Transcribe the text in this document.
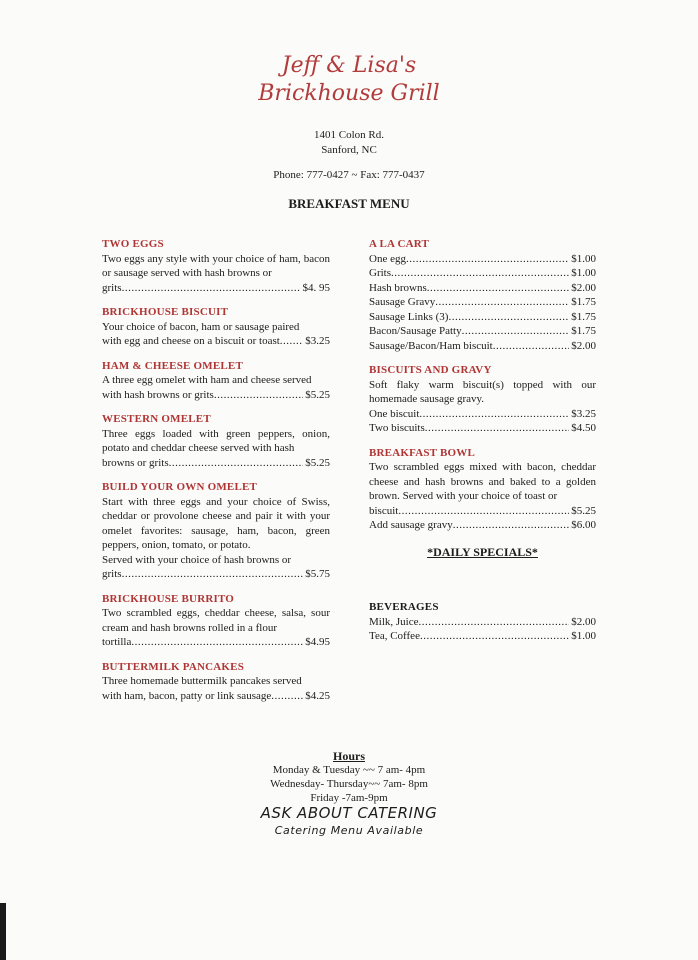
Jeff & Lisa's
Brickhouse Grill
1401 Colon Rd.
Sanford, NC
Phone: 777-0427 ~ Fax: 777-0437
BREAKFAST MENU
TWO EGGS
Two eggs any style with your choice of ham, bacon or sausage served with hash browns or
grits .....	$4. 95
BRICKHOUSE BISCUIT
Your choice of bacon, ham or sausage paired
with egg and cheese on a biscuit or toast ..... $3.25
HAM & CHEESE OMELET
A three egg omelet with ham and cheese served
with hash browns or grits .....	$5.25
WESTERN OMELET
Three eggs loaded with green peppers, onion, potato and cheddar cheese served with hash
browns or grits .....	$5.25
BUILD YOUR OWN OMELET
Start with three eggs and your choice of Swiss, cheddar or provolone cheese and pair it with your omelet favorites: sausage, ham, bacon, green peppers, onion, tomato, or potato.
Served with your choice of hash browns or
grits .....	$5.75
BRICKHOUSE BURRITO
Two scrambled eggs, cheddar cheese, salsa, sour cream and hash browns rolled in a flour
tortilla .....	$4.95
BUTTERMILK PANCAKES
Three homemade buttermilk pancakes served
with ham, bacon, patty or link sausage .....	$4.25
A LA CART
One egg .....	$1.00
Grits .....	$1.00
Hash browns .....	$2.00
Sausage Gravy .....	$1.75
Sausage Links (3) .....	$1.75
Bacon/Sausage Patty .....	$1.75
Sausage/Bacon/Ham biscuit .....	$2.00
BISCUITS AND GRAVY
Soft flaky warm biscuit(s) topped with our homemade sausage gravy.
One biscuit .....	$3.25
Two biscuits .....	$4.50
BREAKFAST BOWL
Two scrambled eggs mixed with bacon, cheddar cheese and hash browns and baked to a golden brown. Served with your choice of toast or
biscuit .....	$5.25
Add sausage gravy .....	$6.00
*DAILY SPECIALS*
BEVERAGES
Milk, Juice .....	$2.00
Tea, Coffee .....	$1.00
Hours
Monday & Tuesday ~~ 7 am- 4pm
Wednesday- Thursday~~ 7am- 8pm
Friday -7am-9pm
ASK ABOUT CATERING
Catering Menu Available
